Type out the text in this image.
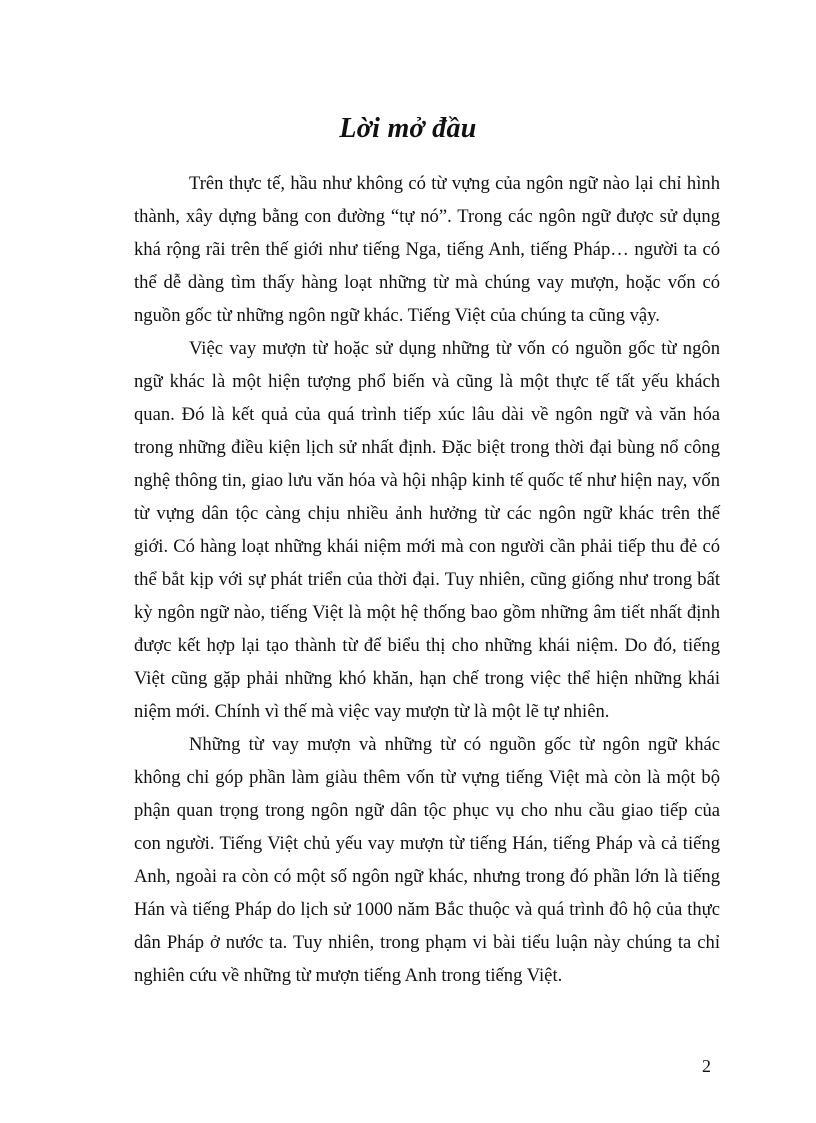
Lời mở đầu

Trên thực tế, hầu như không có từ vựng của ngôn ngữ nào lại chỉ hình thành, xây dựng bằng con đường “tự nó”. Trong các ngôn ngữ được sử dụng khá rộng rãi trên thế giới như tiếng Nga, tiếng Anh, tiếng Pháp… người ta có thể dễ dàng tìm thấy hàng loạt những từ mà chúng vay mượn, hoặc vốn có nguồn gốc từ những ngôn ngữ khác. Tiếng Việt của chúng ta cũng vậy.

Việc vay mượn từ hoặc sử dụng những từ vốn có nguồn gốc từ ngôn ngữ khác là một hiện tượng phổ biến và cũng là một thực tế tất yếu khách quan. Đó là kết quả của quá trình tiếp xúc lâu dài về ngôn ngữ và văn hóa trong những điều kiện lịch sử nhất định. Đặc biệt trong thời đại bùng nổ công nghệ thông tin, giao lưu văn hóa và hội nhập kinh tế quốc tế như hiện nay, vốn từ vựng dân tộc càng chịu nhiều ảnh hưởng từ các ngôn ngữ khác trên thế giới. Có hàng loạt những khái niệm mới mà con người cần phải tiếp thu đẻ có thể bắt kịp với sự phát triển của thời đại. Tuy nhiên, cũng giống như trong bất kỳ ngôn ngữ nào, tiếng Việt là một hệ thống bao gồm những âm tiết nhất định được kết hợp lại tạo thành từ để biểu thị cho những khái niệm. Do đó, tiếng Việt cũng gặp phải những khó khăn, hạn chế trong việc thể hiện những khái niệm mới. Chính vì thế mà việc vay mượn từ là một lẽ tự nhiên.

Những từ vay mượn và những từ có nguồn gốc từ ngôn ngữ khác không chỉ góp phần làm giàu thêm vốn từ vựng tiếng Việt mà còn là một bộ phận quan trọng trong ngôn ngữ dân tộc phục vụ cho nhu cầu giao tiếp của con người. Tiếng Việt chủ yếu vay mượn từ tiếng Hán, tiếng Pháp và cả tiếng Anh, ngoài ra còn có một số ngôn ngữ khác, nhưng trong đó phần lớn là tiếng Hán và tiếng Pháp do lịch sử 1000 năm Bắc thuộc và quá trình đô hộ của thực dân Pháp ở nước ta. Tuy nhiên, trong phạm vi bài tiểu luận này chúng ta chỉ nghiên cứu về những từ mượn tiếng Anh trong tiếng Việt.

2
